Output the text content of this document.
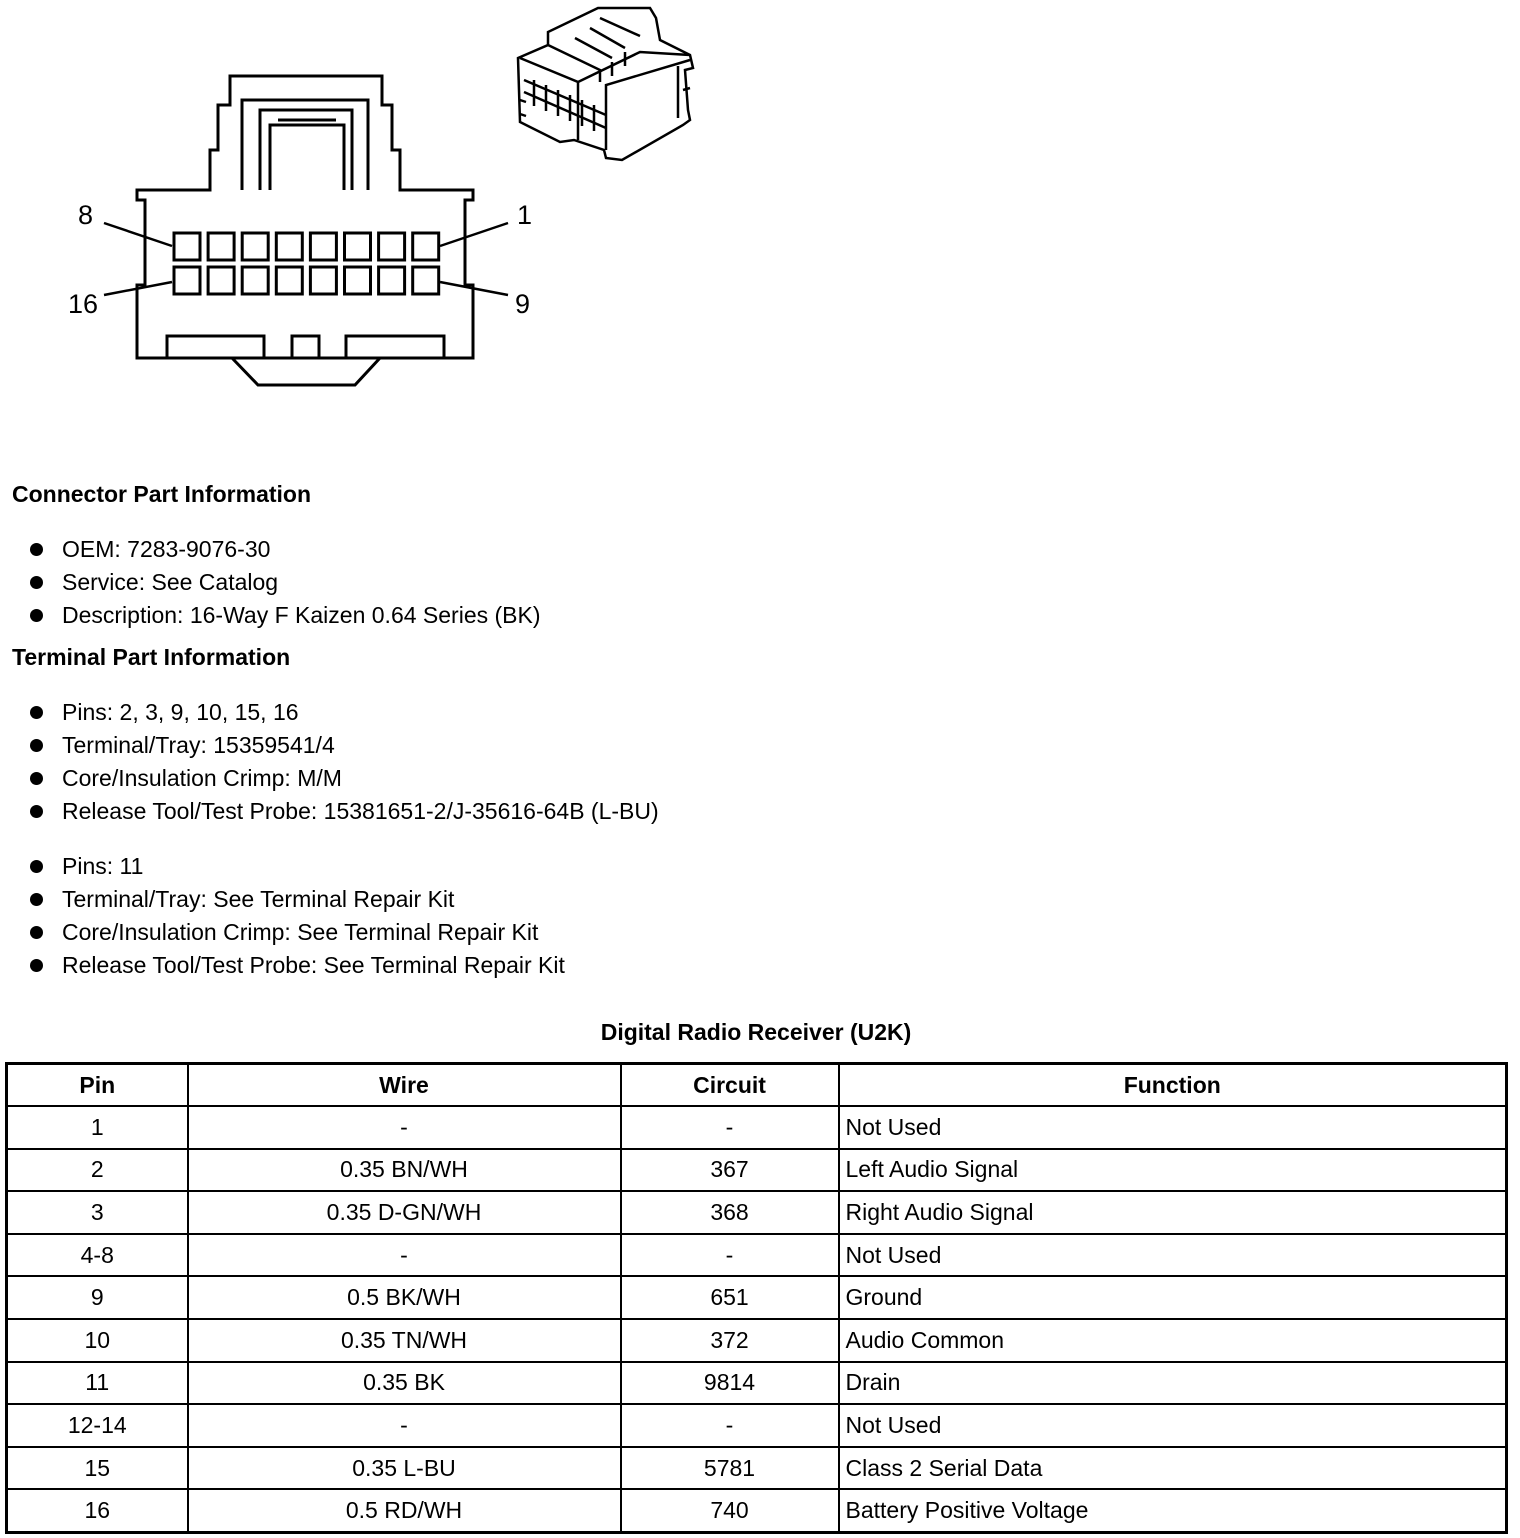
8	1
16	9
Connector Part Information
OEM: 7283-9076-30
Service: See Catalog
Description: 16-Way F Kaizen 0.64 Series (BK)
Terminal Part Information
Pins: 2, 3, 9, 10, 15, 16
Terminal/Tray: 15359541/4
Core/Insulation Crimp: M/M
Release Tool/Test Probe: 15381651-2/J-35616-64B (L-BU)
Pins: 11
Terminal/Tray: See Terminal Repair Kit
Core/Insulation Crimp: See Terminal Repair Kit
Release Tool/Test Probe: See Terminal Repair Kit
Digital Radio Receiver (U2K)
Pin	Wire	Circuit	Function
1	-	-	Not Used
2	0.35 BN/WH	367	Left Audio Signal
3	0.35 D-GN/WH	368	Right Audio Signal
4-8	-	-	Not Used
9	0.5 BK/WH	651	Ground
10	0.35 TN/WH	372	Audio Common
11	0.35 BK	9814	Drain
12-14	-	-	Not Used
15	0.35 L-BU	5781	Class 2 Serial Data
16	0.5 RD/WH	740	Battery Positive Voltage
